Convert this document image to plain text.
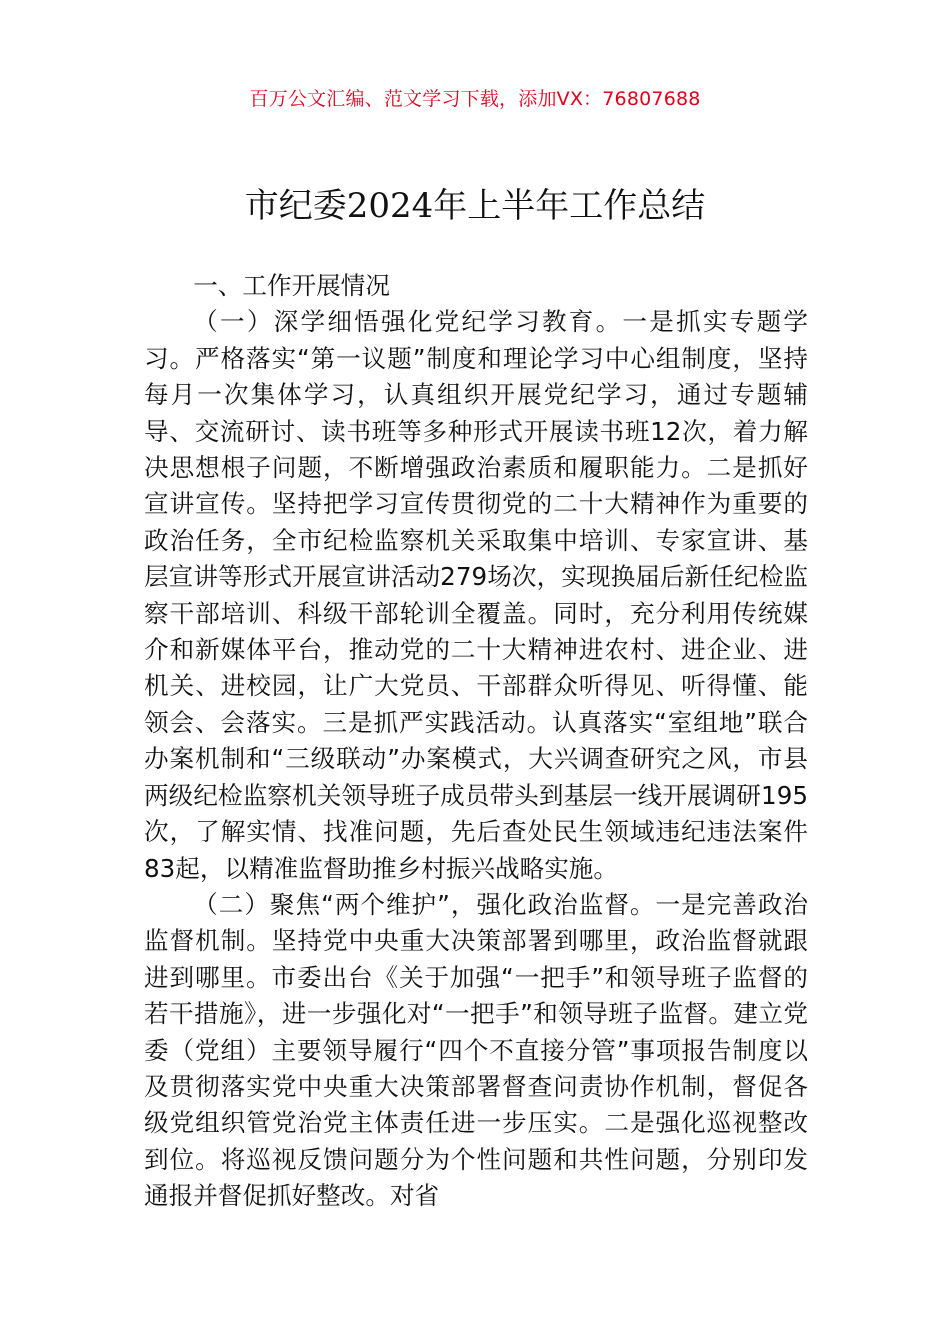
百万公文汇编、范文学习下载，添加VX：76807688
市纪委2024年上半年工作总结

一、工作开展情况

（一）深学细悟强化党纪学习教育。一是抓实专题学习。严格落实“第一议题”制度和理论学习中心组制度，坚持每月一次集体学习，认真组织开展党纪学习，通过专题辅导、交流研讨、读书班等多种形式开展读书班12次，着力解决思想根子问题，不断增强政治素质和履职能力。二是抓好宣讲宣传。坚持把学习宣传贯彻党的二十大精神作为重要的政治任务，全市纪检监察机关采取集中培训、专家宣讲、基层宣讲等形式开展宣讲活动279场次，实现换届后新任纪检监察干部培训、科级干部轮训全覆盖。同时，充分利用传统媒介和新媒体平台，推动党的二十大精神进农村、进企业、进机关、进校园，让广大党员、干部群众听得见、听得懂、能领会、会落实。三是抓严实践活动。认真落实“室组地”联合办案机制和“三级联动”办案模式，大兴调查研究之风，市县两级纪检监察机关领导班子成员带头到基层一线开展调研195次，了解实情、找准问题，先后查处民生领域违纪违法案件83起，以精准监督助推乡村振兴战略实施。

（二）聚焦“两个维护”，强化政治监督。一是完善政治监督机制。坚持党中央重大决策部署到哪里，政治监督就跟进到哪里。市委出台《关于加强“一把手”和领导班子监督的若干措施》，进一步强化对“一把手”和领导班子监督。建立党委（党组）主要领导履行“四个不直接分管”事项报告制度以及贯彻落实党中央重大决策部署督查问责协作机制，督促各级党组织管党治党主体责任进一步压实。二是强化巡视整改到位。将巡视反馈问题分为个性问题和共性问题，分别印发通报并督促抓好整改。对省
